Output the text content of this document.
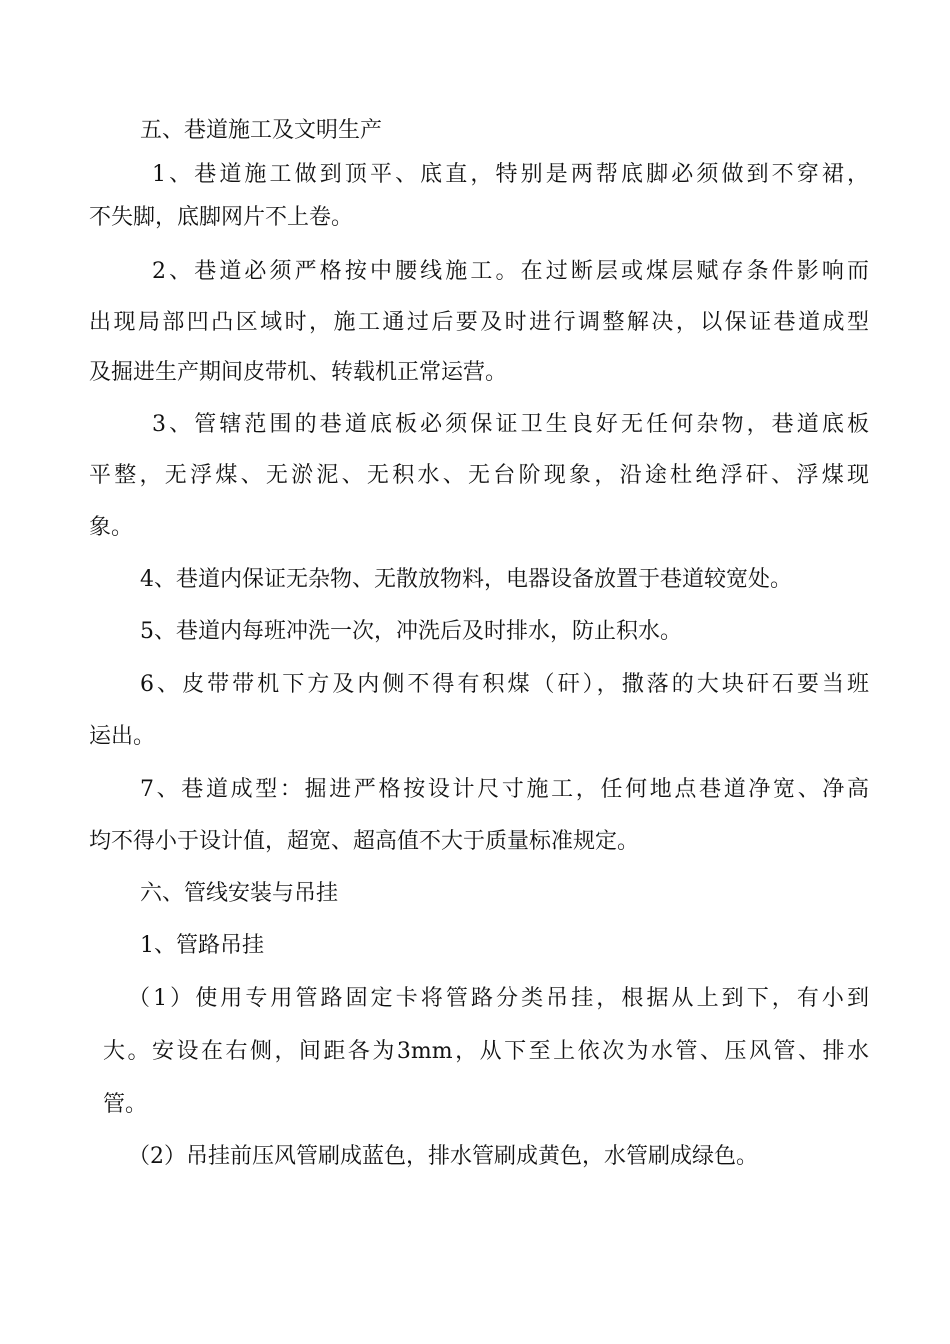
五、巷道施工及文明生产

1、巷道施工做到顶平、底直，特别是两帮底脚必须做到不穿裙，

不失脚，底脚网片不上卷。

2、巷道必须严格按中腰线施工。在过断层或煤层赋存条件影响而

出现局部凹凸区域时，施工通过后要及时进行调整解决，以保证巷道成型

及掘进生产期间皮带机、转载机正常运营。

3、管辖范围的巷道底板必须保证卫生良好无任何杂物，巷道底板

平整，无浮煤、无淤泥、无积水、无台阶现象，沿途杜绝浮矸、浮煤现

象。

4、巷道内保证无杂物、无散放物料，电器设备放置于巷道较宽处。

5、巷道内每班冲洗一次，冲洗后及时排水，防止积水。

6、皮带带机下方及内侧不得有积煤（矸），撒落的大块矸石要当班

运出。

7、巷道成型：掘进严格按设计尺寸施工，任何地点巷道净宽、净高

均不得小于设计值，超宽、超高值不大于质量标准规定。

六、管线安装与吊挂

1、管路吊挂

（1）使用专用管路固定卡将管路分类吊挂，根据从上到下，有小到

大。安设在右侧，间距各为3mm，从下至上依次为水管、压风管、排水

管。

（2）吊挂前压风管刷成蓝色，排水管刷成黄色，水管刷成绿色。
